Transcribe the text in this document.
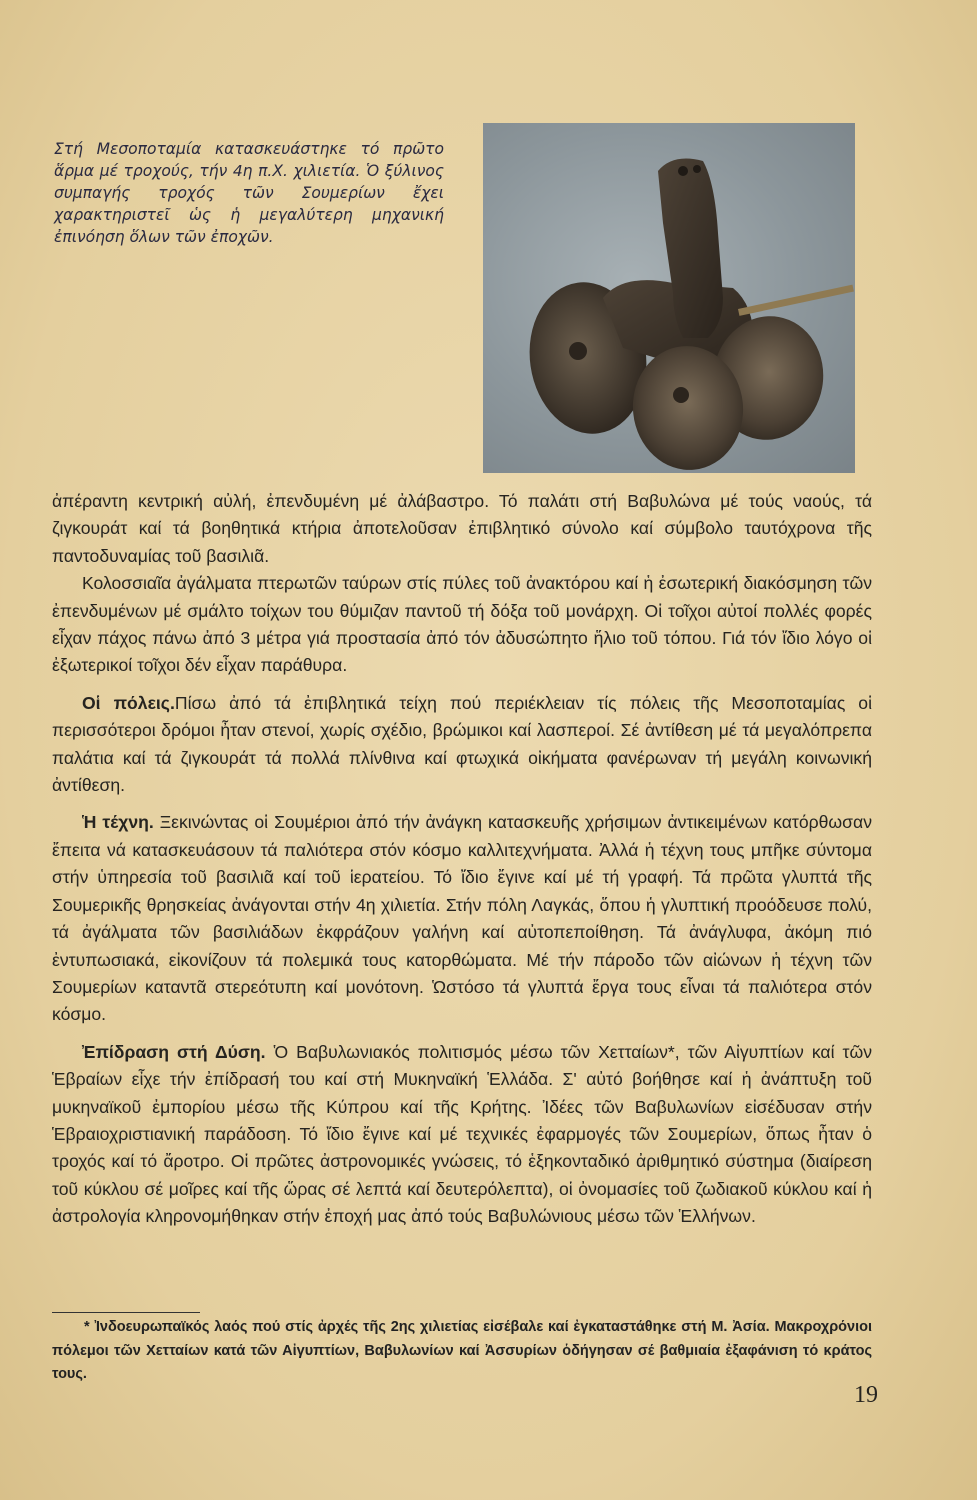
Στή Μεσοποταμία κατασκευάστηκε τό πρῶτο ἅρμα μέ τροχούς, τήν 4η π.Χ. χιλιετία. Ὁ ξύλινος συμπαγής τροχός τῶν Σουμερίων ἔχει χαρακτηριστεῖ ὡς ἡ μεγαλύτερη μηχανική ἐπινόηση ὅλων τῶν ἐποχῶν.

ἀπέραντη κεντρική αὐλή, ἐπενδυμένη μέ ἀλάβαστρο. Τό παλάτι στή Βαβυλώνα μέ τούς ναούς, τά ζιγκουράτ καί τά βοηθητικά κτήρια ἀποτελοῦσαν ἐπιβλητικό σύνολο καί σύμβολο ταυτόχρονα τῆς παντοδυναμίας τοῦ βασιλιᾶ.

Κολοσσιαῖα ἀγάλματα πτερωτῶν ταύρων στίς πύλες τοῦ ἀνακτόρου καί ἡ ἐσωτερική διακόσμηση τῶν ἐπενδυμένων μέ σμάλτο τοίχων του θύμιζαν παντοῦ τή δόξα τοῦ μονάρχη. Οἱ τοῖχοι αὐτοί πολλές φορές εἶχαν πάχος πάνω ἀπό 3 μέτρα γιά προστασία ἀπό τόν ἀδυσώπητο ἥλιο τοῦ τόπου. Γιά τόν ἴδιο λόγο οἱ ἐξωτερικοί τοῖχοι δέν εἶχαν παράθυρα.

Οἱ πόλεις.Πίσω ἀπό τά ἐπιβλητικά τείχη πού περιέκλειαν τίς πόλεις τῆς Μεσοποταμίας οἱ περισσότεροι δρόμοι ἦταν στενοί, χωρίς σχέδιο, βρώμικοι καί λασπεροί. Σέ ἀντίθεση μέ τά μεγαλόπρεπα παλάτια καί τά ζιγκουράτ τά πολλά πλίνθινα καί φτωχικά οἰκήματα φανέρωναν τή μεγάλη κοινωνική ἀντίθεση.

Ἡ τέχνη. Ξεκινώντας οἱ Σουμέριοι ἀπό τήν ἀνάγκη κατασκευῆς χρήσιμων ἀντικειμένων κατόρθωσαν ἔπειτα νά κατασκευάσουν τά παλιότερα στόν κόσμο καλλιτεχνήματα. Ἀλλά ἡ τέχνη τους μπῆκε σύντομα στήν ὑπηρεσία τοῦ βασιλιᾶ καί τοῦ ἱερατείου. Τό ἴδιο ἔγινε καί μέ τή γραφή. Τά πρῶτα γλυπτά τῆς Σουμερικῆς θρησκείας ἀνάγονται στήν 4η χιλιετία. Στήν πόλη Λαγκάς, ὅπου ἡ γλυπτική προόδευσε πολύ, τά ἀγάλματα τῶν βασιλιάδων ἐκφράζουν γαλήνη καί αὐτοπεποίθηση. Τά ἀνάγλυφα, ἀκόμη πιό ἐντυπωσιακά, εἰκονίζουν τά πολεμικά τους κατορθώματα. Μέ τήν πάροδο τῶν αἰώνων ἡ τέχνη τῶν Σουμερίων καταντᾶ στερεότυπη καί μονότονη. Ὡστόσο τά γλυπτά ἔργα τους εἶναι τά παλιότερα στόν κόσμο.

Ἐπίδραση στή Δύση. Ὁ Βαβυλωνιακός πολιτισμός μέσω τῶν Χετταίων*, τῶν Αἰγυπτίων καί τῶν Ἑβραίων εἶχε τήν ἐπίδρασή του καί στή Μυκηναϊκή Ἑλλάδα. Σ' αὐτό βοήθησε καί ἡ ἀνάπτυξη τοῦ μυκηναϊκοῦ ἐμπορίου μέσω τῆς Κύπρου καί τῆς Κρήτης. Ἰδέες τῶν Βαβυλωνίων εἰσέδυσαν στήν Ἑβραιοχριστιανική παράδοση. Τό ἴδιο ἔγινε καί μέ τεχνικές ἐφαρμογές τῶν Σουμερίων, ὅπως ἦταν ὁ τροχός καί τό ἄροτρο. Οἱ πρῶτες ἀστρονομικές γνώσεις, τό ἑξηκονταδικό ἀριθμητικό σύστημα (διαίρεση τοῦ κύκλου σέ μοῖρες καί τῆς ὥρας σέ λεπτά καί δευτερόλεπτα), οἱ ὀνομασίες τοῦ ζωδιακοῦ κύκλου καί ἡ ἀστρολογία κληρονομήθηκαν στήν ἐποχή μας ἀπό τούς Βαβυλώνιους μέσω τῶν Ἑλλήνων.

* Ἰνδοευρωπαϊκός λαός πού στίς ἀρχές τῆς 2ης χιλιετίας εἰσέβαλε καί ἐγκαταστάθηκε στή Μ. Ἀσία. Μακροχρόνιοι πόλεμοι τῶν Χετταίων κατά τῶν Αἰγυπτίων, Βαβυλωνίων καί Ἀσσυρίων ὁδήγησαν σέ βαθμιαία ἐξαφάνιση τό κράτος τους.
19
